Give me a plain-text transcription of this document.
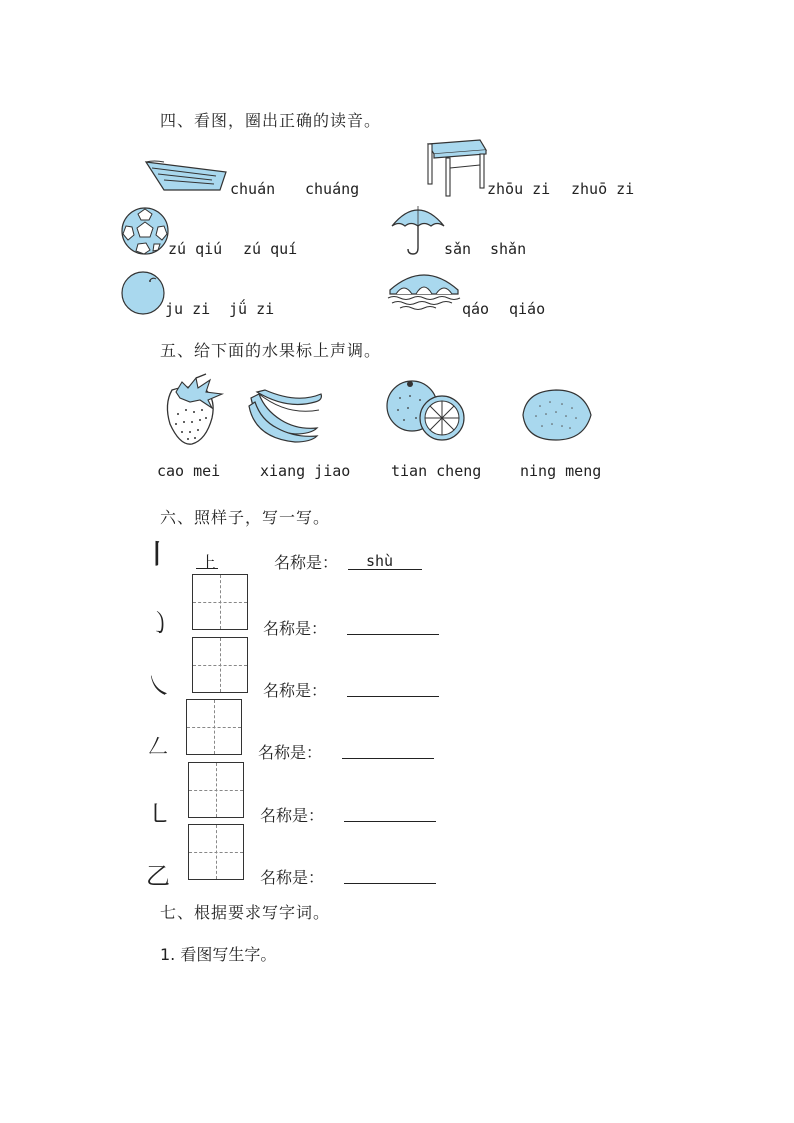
四、看图，圈出正确的读音。
chuán chuáng	zhōu zi zhuō zi
zú qiú zú quí	sǎn shǎn
ju zi jǘ zi	qáo qiáo
五、给下面的水果标上声调。
cao mei	xiang jiao	tian cheng	ning meng
六、照样子，写一写。
丨 上	名称是： shù
㇁	名称是：
㇏	名称是：
𠃋	名称是：
㇄	名称是：
乙	名称是：
七、根据要求写字词。
1. 看图写生字。
